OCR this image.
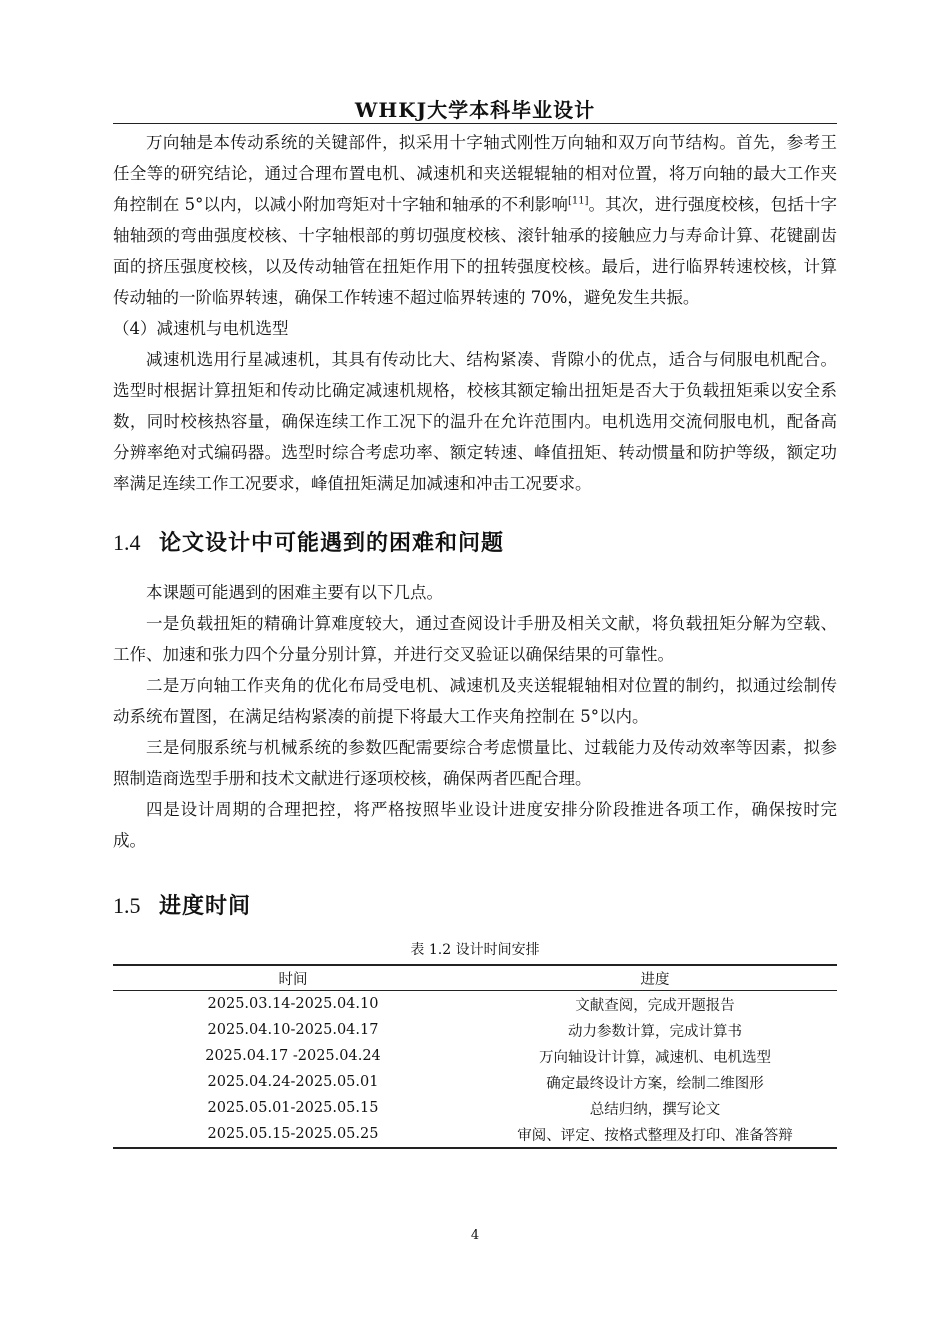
WHKJ大学本科毕业设计

万向轴是本传动系统的关键部件，拟采用十字轴式刚性万向轴和双万向节结构。首先，参考王任全等的研究结论，通过合理布置电机、减速机和夹送辊辊轴的相对位置，将万向轴的最大工作夹角控制在 5°以内，以减小附加弯矩对十字轴和轴承的不利影响[11]。其次，进行强度校核，包括十字轴轴颈的弯曲强度校核、十字轴根部的剪切强度校核、滚针轴承的接触应力与寿命计算、花键副齿面的挤压强度校核，以及传动轴管在扭矩作用下的扭转强度校核。最后，进行临界转速校核，计算传动轴的一阶临界转速，确保工作转速不超过临界转速的 70%，避免发生共振。

（4）减速机与电机选型

减速机选用行星减速机，其具有传动比大、结构紧凑、背隙小的优点，适合与伺服电机配合。选型时根据计算扭矩和传动比确定减速机规格，校核其额定输出扭矩是否大于负载扭矩乘以安全系数，同时校核热容量，确保连续工作工况下的温升在允许范围内。电机选用交流伺服电机，配备高分辨率绝对式编码器。选型时综合考虑功率、额定转速、峰值扭矩、转动惯量和防护等级，额定功率满足连续工作工况要求，峰值扭矩满足加减速和冲击工况要求。

1.4 论文设计中可能遇到的困难和问题

本课题可能遇到的困难主要有以下几点。

一是负载扭矩的精确计算难度较大，通过查阅设计手册及相关文献，将负载扭矩分解为空载、工作、加速和张力四个分量分别计算，并进行交叉验证以确保结果的可靠性。

二是万向轴工作夹角的优化布局受电机、减速机及夹送辊辊轴相对位置的制约，拟通过绘制传动系统布置图，在满足结构紧凑的前提下将最大工作夹角控制在 5°以内。

三是伺服系统与机械系统的参数匹配需要综合考虑惯量比、过载能力及传动效率等因素，拟参照制造商选型手册和技术文献进行逐项校核，确保两者匹配合理。

四是设计周期的合理把控，将严格按照毕业设计进度安排分阶段推进各项工作，确保按时完成。

1.5 进度时间
表 1.2 设计时间安排
时间	进度
2025.03.14-2025.04.10	文献查阅，完成开题报告
2025.04.10-2025.04.17	动力参数计算，完成计算书
2025.04.17 -2025.04.24	万向轴设计计算，减速机、电机选型
2025.04.24-2025.05.01	确定最终设计方案，绘制二维图形
2025.05.01-2025.05.15	总结归纳，撰写论文
2025.05.15-2025.05.25	审阅、评定、按格式整理及打印、准备答辩
4
